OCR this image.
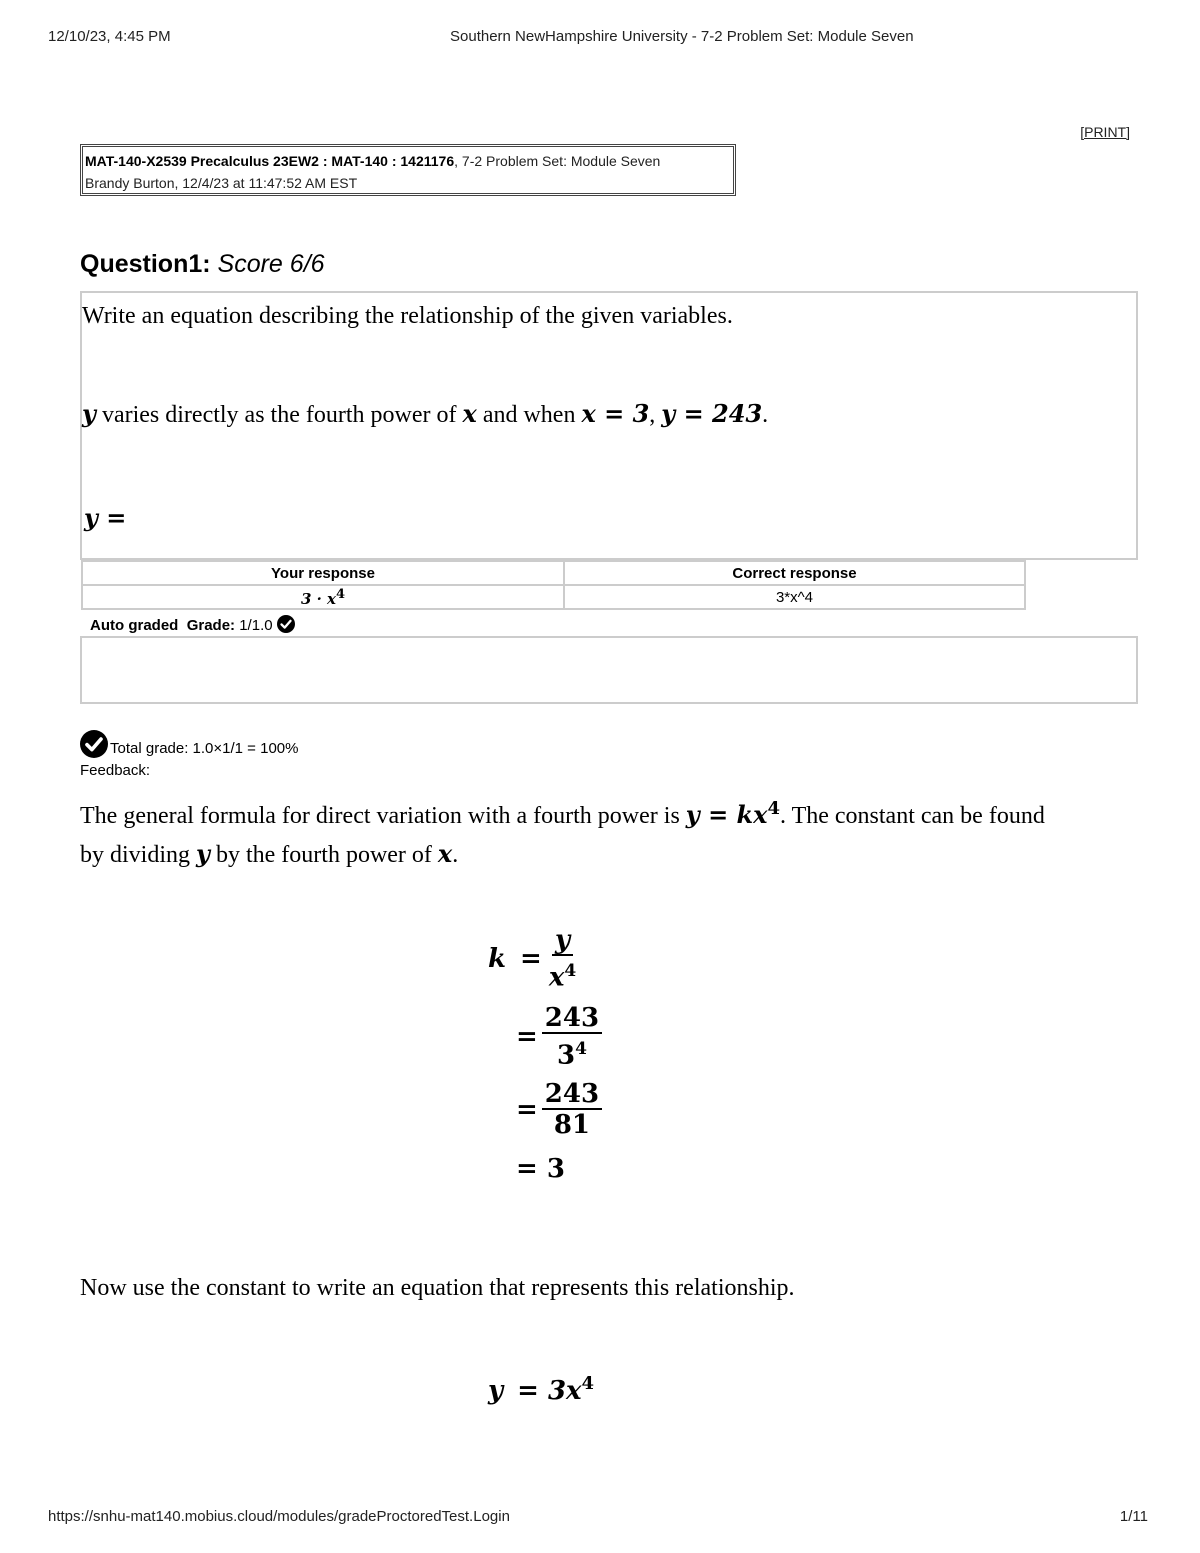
12/10/23, 4:45 PM	Southern NewHampshire University - 7-2 Problem Set: Module Seven
[PRINT]
MAT-140-X2539 Precalculus 23EW2 : MAT-140 : 1421176, 7-2 Problem Set: Module Seven
Brandy Burton, 12/4/23 at 11:47:52 AM EST
Question1: Score 6/6
Write an equation describing the relationship of the given variables.
y varies directly as the fourth power of x and when x = 3, y = 243.
y =
Your response	Correct response
$3 \cdot x^4$	3*x^4
Auto graded Grade: 1/1.0
Total grade: 1.0×1/1 = 100%
Feedback:
The general formula for direct variation with a fourth power is $y = kx^4$. The constant can be found
by dividing y by the fourth power of x.
$k = \frac{y}{x^4}$
= $\frac{243}{3^4}$
= $\frac{243}{81}$
= 3
Now use the constant to write an equation that represents this relationship.
$y = 3x^4$
https://snhu-mat140.mobius.cloud/modules/gradeProctoredTest.Login	1/11
